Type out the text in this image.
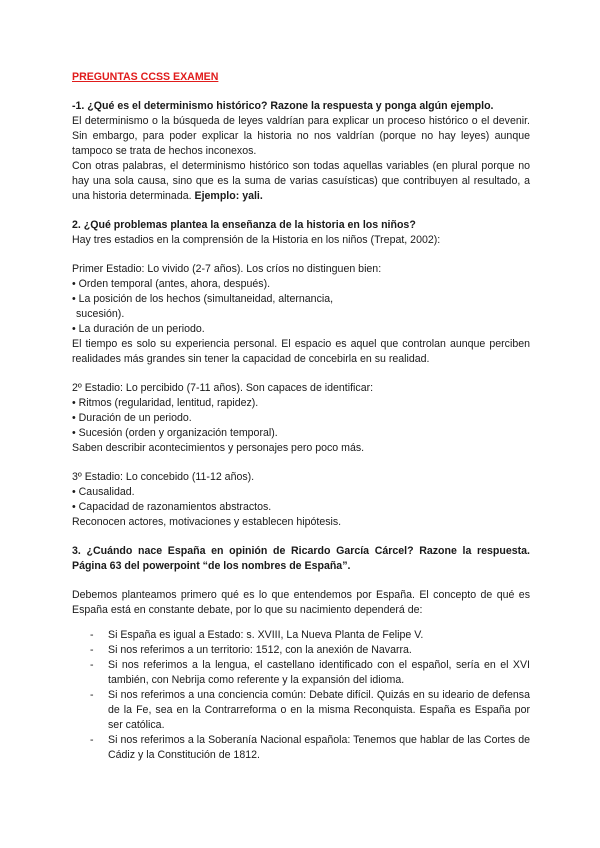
PREGUNTAS CCSS EXAMEN

-1. ¿Qué es el determinismo histórico? Razone la respuesta y ponga algún ejemplo.

El determinismo o la búsqueda de leyes valdrían para explicar un proceso histórico o el devenir. Sin embargo, para poder explicar la historia no nos valdrían (porque no hay leyes) aunque tampoco se trata de hechos inconexos.

Con otras palabras, el determinismo histórico son todas aquellas variables (en plural porque no hay una sola causa, sino que es la suma de varias casuísticas) que contribuyen al resultado, a una historia determinada. Ejemplo: yali.

2. ¿Qué problemas plantea la enseñanza de la historia en los niños?

Hay tres estadios en la comprensión de la Historia en los niños (Trepat, 2002):

Primer Estadio: Lo vivido (2-7 años). Los críos no distinguen bien:

• Orden temporal (antes, ahora, después).

• La posición de los hechos (simultaneidad, alternancia,

sucesión).

• La duración de un periodo.

El tiempo es solo su experiencia personal. El espacio es aquel que controlan aunque perciben realidades más grandes sin tener la capacidad de concebirla en su realidad.

2º Estadio: Lo percibido (7-11 años). Son capaces de identificar:

• Ritmos (regularidad, lentitud, rapidez).

• Duración de un periodo.

• Sucesión (orden y organización temporal).

Saben describir acontecimientos y personajes pero poco más.

3º Estadio: Lo concebido (11-12 años).

• Causalidad.

• Capacidad de razonamientos abstractos.

Reconocen actores, motivaciones y establecen hipótesis.

3. ¿Cuándo nace España en opinión de Ricardo García Cárcel? Razone la respuesta. Página 63 del powerpoint “de los nombres de España”.

Debemos planteamos primero qué es lo que entendemos por España. El concepto de qué es España está en constante debate, por lo que su nacimiento dependerá de:

- Si España es igual a Estado: s. XVIII, La Nueva Planta de Felipe V.
- Si nos referimos a un territorio: 1512, con la anexión de Navarra.
- Si nos referimos a la lengua, el castellano identificado con el español, sería en el XVI también, con Nebrija como referente y la expansión del idioma.
- Si nos referimos a una conciencia común: Debate difícil. Quizás en su ideario de defensa de la Fe, sea en la Contrarreforma o en la misma Reconquista. España es España por ser católica.
- Si nos referimos a la Soberanía Nacional española: Tenemos que hablar de las Cortes de Cádiz y la Constitución de 1812.
